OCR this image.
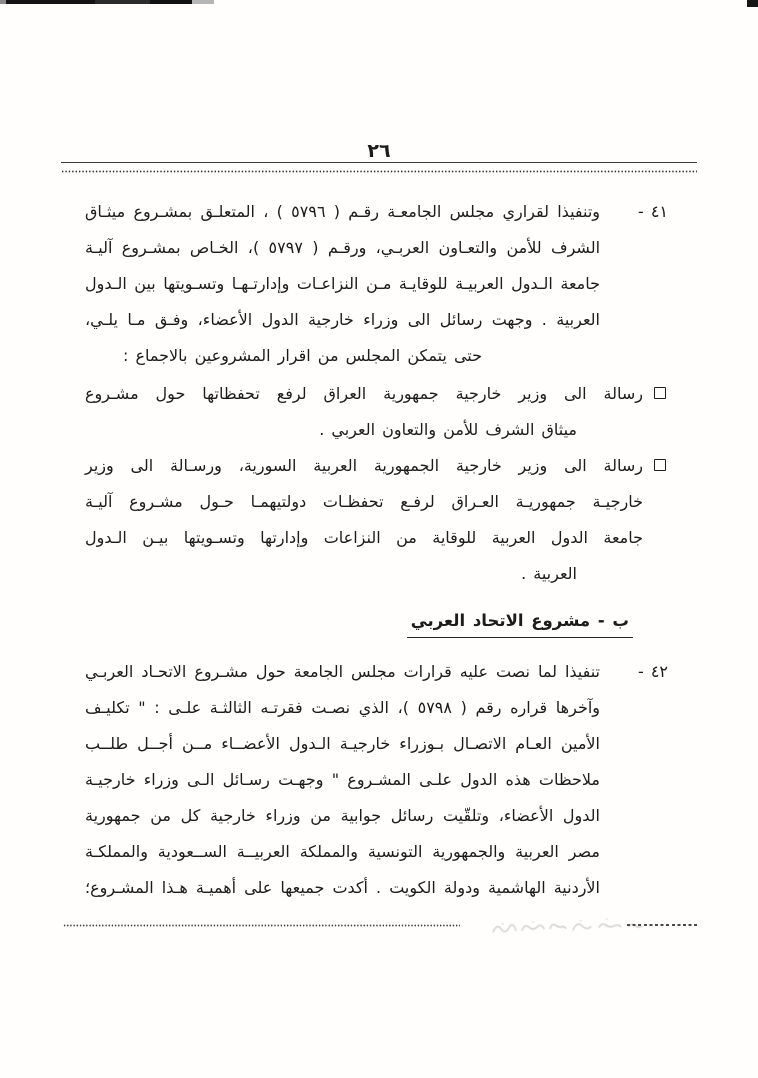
٢٦
٤١ -
وتنفيذا لقراري مجلس الجامعـة رقـم ( ٥٧٩٦ ) ، المتعلـق بمشـروع ميثـاق
الشرف للأمن والتعـاون العربـي، ورقـم ( ٥٧٩٧ )، الخـاص بمشـروع آليـة
جامعة الـدول العربيـة للوقايـة مـن النزاعـات وإدارتـهـا وتسـويتها بين الـدول
العربية . وجهت رسائل الى وزراء خارجية الدول الأعضاء، وفـق مـا يلـي،
حتى يتمكن المجلس من اقرار المشروعين بالاجماع :
رسالة الى وزير خارجية جمهورية العراق لرفع تحفظاتها حول مشـروع
ميثاق الشرف للأمن والتعاون العربي .
رسالة الى وزير خارجية الجمهورية العربية السورية، ورسـالة الى وزير
خارجيـة جمهوريـة العـراق لرفـع تحفظـات دولتيهمـا حـول مشـروع آليـة
جامعة الدول العربية للوقاية من النزاعات وإدارتها وتسـويتها بيـن الـدول
العربية .
ب - مشروع الاتحاد العربي
٤٢ -
تنفيذا لما نصت عليه قرارات مجلس الجامعة حول مشـروع الاتحـاد العربـي
وآخرها قراره رقم ( ٥٧٩٨ )، الذي نصـت فقرتـه الثالثـة علـى : " تكليـف
الأمين العـام الاتصـال بـوزراء خارجيـة الـدول الأعضــاء مــن أجــل طلــب
ملاحظات هذه الدول علـى المشـروع " وجهـت رسـائل الـى وزراء خارجيـة
الدول الأعضاء، وتلقّيت رسائل جوابية من وزراء خارجية كل من جمهورية
مصر العربية والجمهورية التونسية والمملكة العربيــة الســعودية والمملكـة
الأردنية الهاشمية ودولة الكويت . أكدت جميعها على أهميـة هـذا المشـروع؛
